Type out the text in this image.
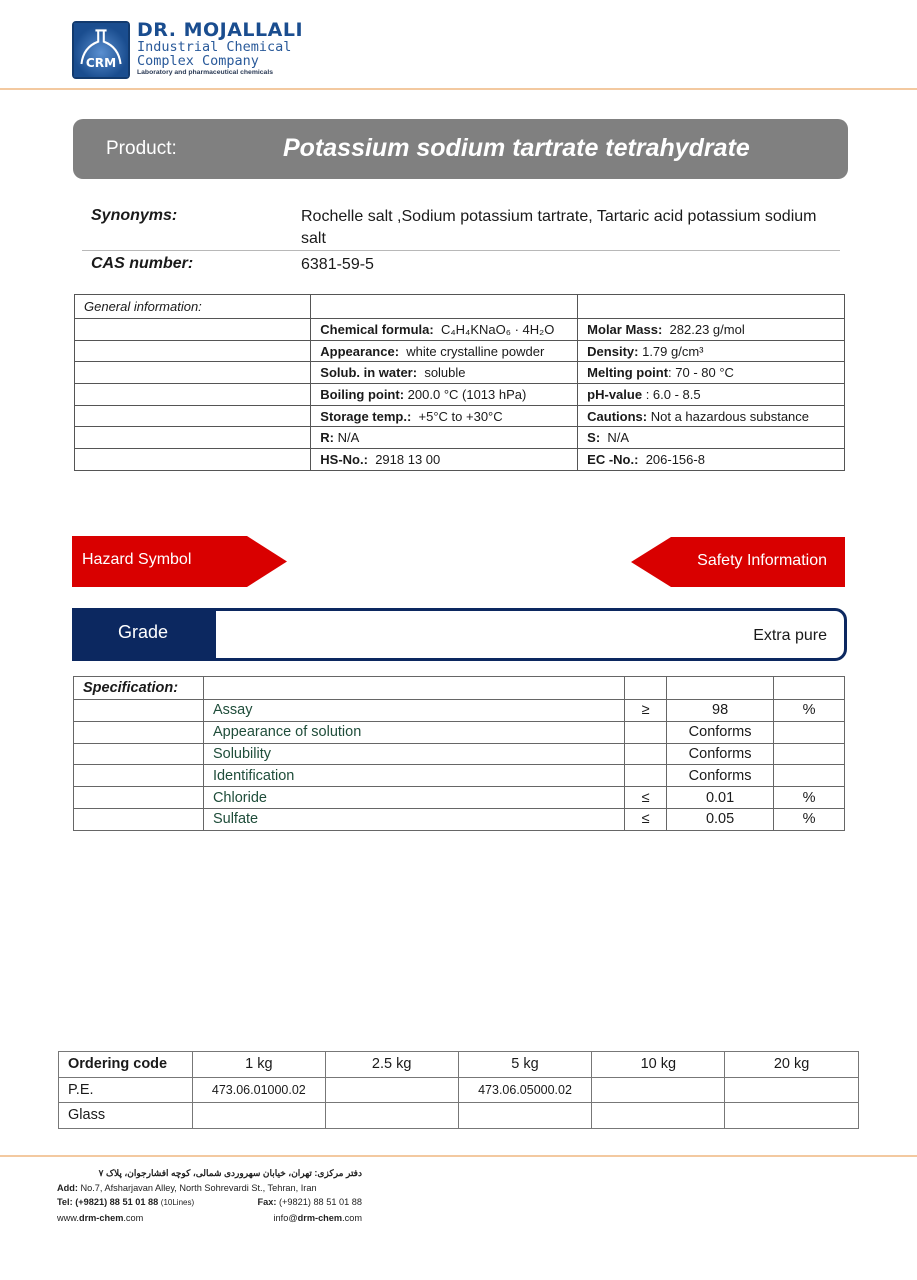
CRM
DR. MOJALLALI
Industrial Chemical
Complex Company
Laboratory and pharmaceutical chemicals
Product:	Potassium sodium tartrate tetrahydrate
Synonyms:	Rochelle salt ,Sodium potassium tartrate, Tartaric acid potassium sodium salt
CAS number:	6381-59-5
General information:		
	Chemical formula: C₄H₄KNaO₆ · 4H₂O	Molar Mass: 282.23 g/mol
	Appearance: white crystalline powder	Density: 1.79 g/cm³
	Solub. in water: soluble	Melting point: 70 - 80 °C
	Boiling point: 200.0 °C (1013 hPa)	pH-value : 6.0 - 8.5
	Storage temp.: +5°C to +30°C	Cautions: Not a hazardous substance
	R: N/A	S: N/A
	HS-No.: 2918 13 00	EC -No.: 206-156-8
Hazard Symbol	Safety Information
Grade	Extra pure
Specification:				
	Assay	≥	98	%
	Appearance of solution		Conforms	
	Solubility		Conforms	
	Identification		Conforms	
	Chloride	≤	0.01	%
	Sulfate	≤	0.05	%
Ordering code	1 kg	2.5 kg	5 kg	10 kg	20 kg
P.E.	473.06.01000.02		473.06.05000.02		
Glass					
دفتر مرکزی: تهران، خیابان سهروردی شمالی، کوچه افشارجوان، پلاک ۷
Add: No.7, Afsharjavan Alley, North Sohrevardi St., Tehran, Iran
Tel: (+9821) 88 51 01 88 (10Lines)	Fax: (+9821) 88 51 01 88
www.drm-chem.com	info@drm-chem.com
